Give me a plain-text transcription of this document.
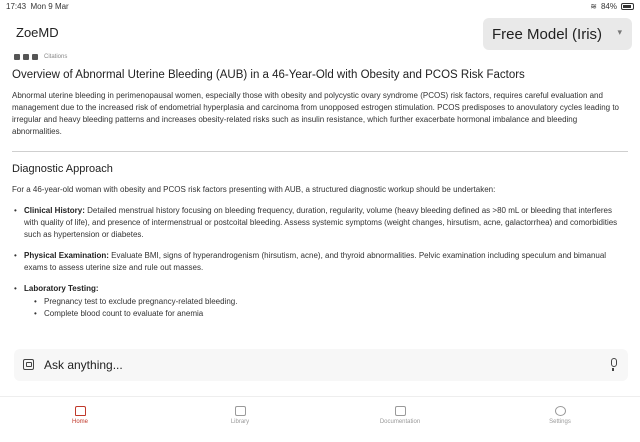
17:43 Mon 9 Mar	≋ 84%
ZoeMD	Free Model (Iris) ▾
Citations
Overview of Abnormal Uterine Bleeding (AUB) in a 46-Year-Old with Obesity and PCOS Risk Factors

Abnormal uterine bleeding in perimenopausal women, especially those with obesity and polycystic ovary syndrome (PCOS) risk factors, requires careful evaluation and management due to the increased risk of endometrial hyperplasia and carcinoma from unopposed estrogen stimulation. PCOS predisposes to anovulatory cycles leading to irregular and heavy bleeding patterns and increases obesity-related risks such as insulin resistance, which further exacerbate hormonal imbalance and bleeding abnormalities.

Diagnostic Approach

For a 46-year-old woman with obesity and PCOS risk factors presenting with AUB, a structured diagnostic workup should be undertaken:

• Clinical History: Detailed menstrual history focusing on bleeding frequency, duration, regularity, volume (heavy bleeding defined as >80 mL or bleeding that interferes with quality of life), and presence of intermenstrual or postcoital bleeding. Assess systemic symptoms (weight changes, hirsutism, acne, galactorrhea) and comorbidities such as hypertension or diabetes.
• Physical Examination: Evaluate BMI, signs of hyperandrogenism (hirsutism, acne), and thyroid abnormalities. Pelvic examination including speculum and bimanual exams to assess uterine size and rule out masses.
• Laboratory Testing:
• Pregnancy test to exclude pregnancy-related bleeding.
• Complete blood count to evaluate for anemia
Ask anything...
Home	Library	Documentation	Settings
